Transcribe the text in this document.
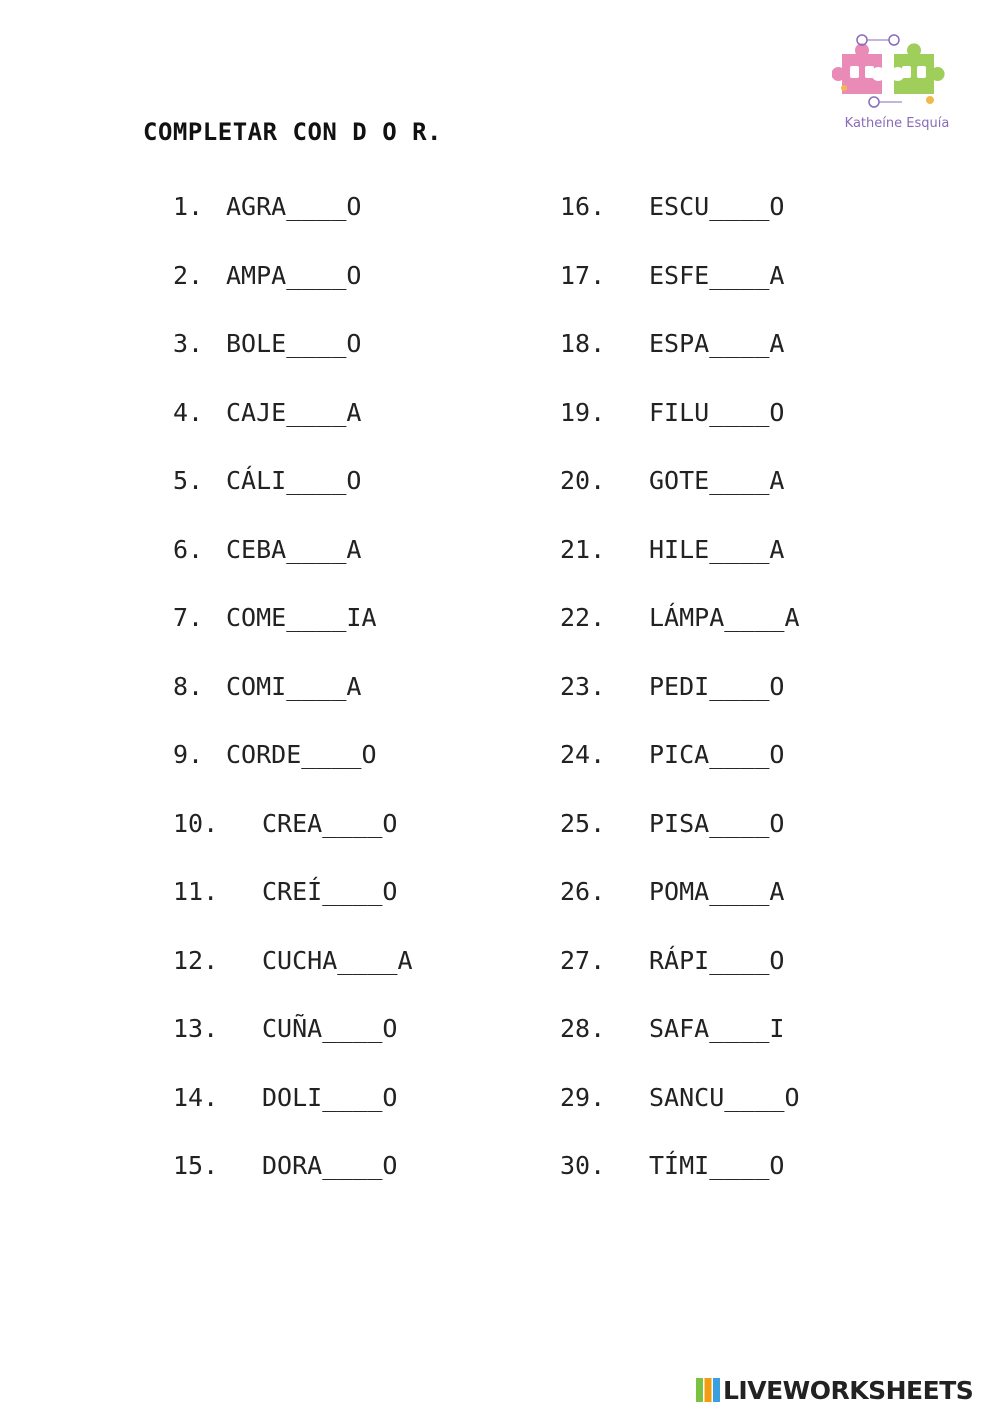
Katheíne Esquía
COMPLETAR CON D O R.
1. AGRA____O
2. AMPA____O
3. BOLE____O
4. CAJE____A
5. CÁLI____O
6. CEBA____A
7. COME____IA
8. COMI____A
9. CORDE____O
10. CREA____O
11. CREÍ____O
12. CUCHA____A
13. CUÑA____O
14. DOLI____O
15. DORA____O
16. ESCU____O
17. ESFE____A
18. ESPA____A
19. FILU____O
20. GOTE____A
21. HILE____A
22. LÁMPA____A
23. PEDI____O
24. PICA____O
25. PISA____O
26. POMA____A
27. RÁPI____O
28. SAFA____I
29. SANCU____O
30. TÍMI____O
LIVEWORKSHEETS
